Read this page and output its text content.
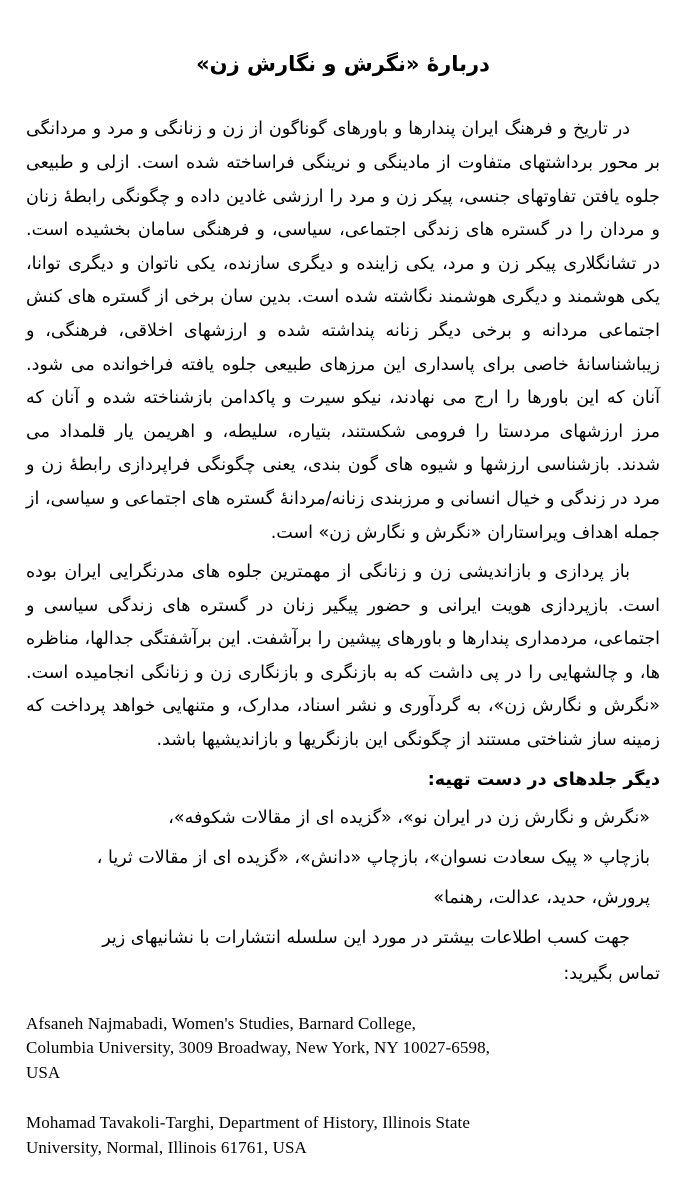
دربارهٔ «نگرش و نگارش زن»

در تاریخ و فرهنگ ایران پندارها و باورهای گوناگون از زن و زنانگی و مرد و مردانگی بر محور برداشتهای متفاوت از مادینگی و نرینگی فراساخته شده است. ازلی و طبیعی جلوه یافتن تفاوتهای جنسی، پیکر زن و مرد را ارزشی غادین داده و چگونگی رابطهٔ زنان و مردان را در گستره های زندگی اجتماعی، سیاسی، و فرهنگی سامان بخشیده است. در تشانگلاری پیکر زن و مرد، یکی زاینده و دیگری سازنده، یکی ناتوان و دیگری توانا، یکی هوشمند و دیگری هوشمند نگاشته شده است. بدین سان برخی از گستره های کنش اجتماعی مردانه و برخی دیگر زنانه پنداشته شده و ارزشهای اخلاقی، فرهنگی، و زیباشناسانهٔ خاصی برای پاسداری این مرزهای طبیعی جلوه یافته فراخوانده می شود. آنان که این باورها را ارج می نهادند، نیکو سیرت و پاکدامن بازشناخته شده و آنان که مرز ارزشهای مردستا را فرومی شکستند، بتیاره، سلیطه، و اهریمن یار قلمداد می شدند. بازشناسی ارزشها و شیوه های گون بندی، یعنی چگونگی فراپردازی رابطهٔ زن و مرد در زندگی و خیال انسانی و مرزبندی زنانه/مردانهٔ گستره های اجتماعی و سیاسی، از جمله اهداف ویراستاران «نگرش و نگارش زن» است.

باز پردازی و بازاندیشی زن و زنانگی از مهمترین جلوه های مدرنگرایی ایران بوده است. بازپردازی هویت ایرانی و حضور پیگیر زنان در گستره های زندگی سیاسی و اجتماعی، مردمداری پندارها و باورهای پیشین را برآشفت. این برآشفتگی جدالها، مناظره ها، و چالشهایی را در پی داشت که به بازنگری و بازنگاری زن و زنانگی انجامیده است. «نگرش و نگارش زن»، به گردآوری و نشر اسناد، مدارک، و متنهایی خواهد پرداخت که زمینه ساز شناختی مستند از چگونگی این بازنگریها و بازاندیشیها باشد.

دیگر جلدهای در دست تهیه:
«نگرش و نگارش زن در ایران نو»، «گزیده ای از مقالات شکوفه»،
بازچاپ « پیک سعادت نسوان»، بازچاپ «دانش»، «گزیده ای از مقالات ثریا ،
پرورش، حدید، عدالت، رهنما»
جهت کسب اطلاعات بیشتر در مورد این سلسله انتشارات با نشانیهای زیر
تماس بگیرید:
Afsaneh Najmabadi, Women's Studies, Barnard College,
Columbia University, 3009 Broadway, New York, NY 10027-6598,
USA
Mohamad Tavakoli-Targhi, Department of History, Illinois State
University, Normal, Illinois 61761, USA
